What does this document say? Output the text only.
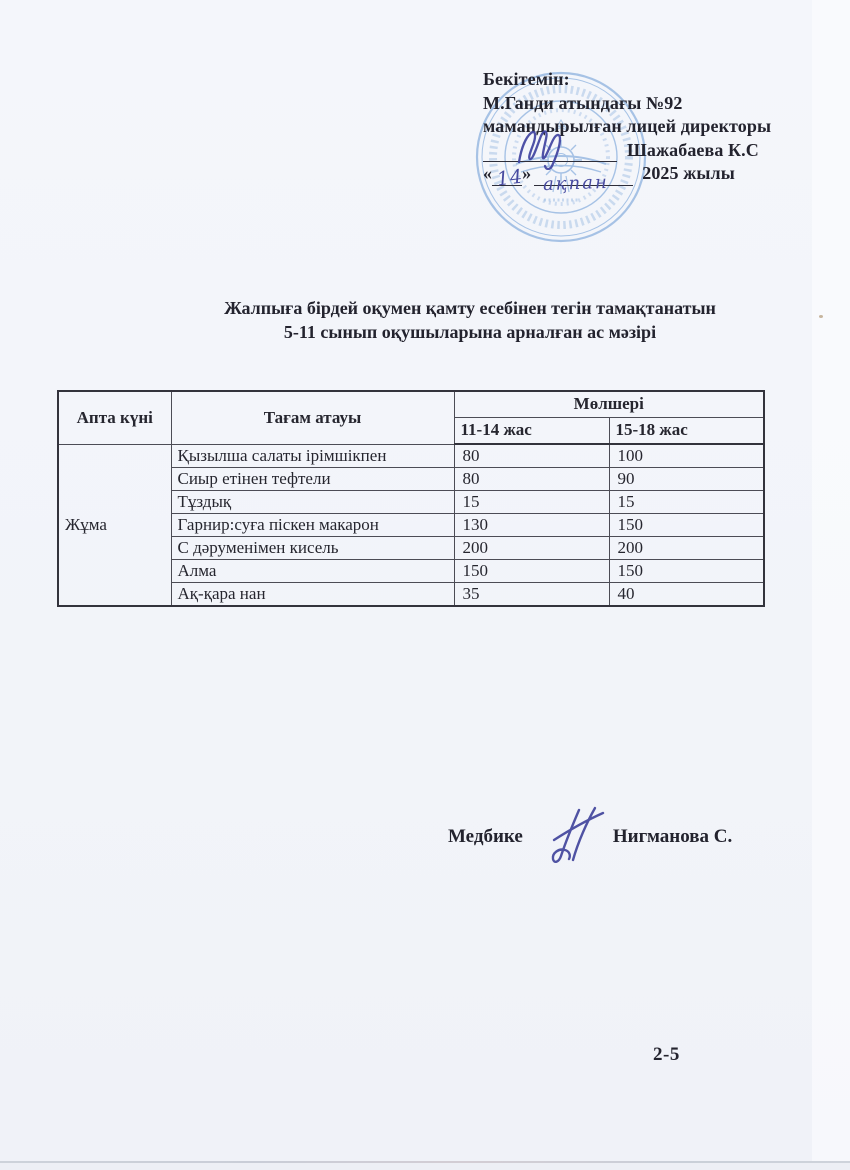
Бекітемін:
М.Ганди атындағы №92
мамандырылған лицей директоры
Шажабаева К.С
« »	2025 жылы
14 ақпан
Жалпыға бірдей оқумен қамту есебінен тегін тамақтанатын
5-11 сынып оқушыларына арналған ас мәзірі
Апта күні	Тағам атауы	Мөлшері	
		11-14 жас	15-18 жас
Жұма	Қызылша салаты ірімшікпен	80	100
	Сиыр етінен тефтели	80	90
	Тұздық	15	15
	Гарнир:суға піскен макарон	130	150
	С дәруменімен кисель	200	200
	Алма	150	150
	Ақ-қара нан	35	40
Медбике	Нигманова С.
2-5
